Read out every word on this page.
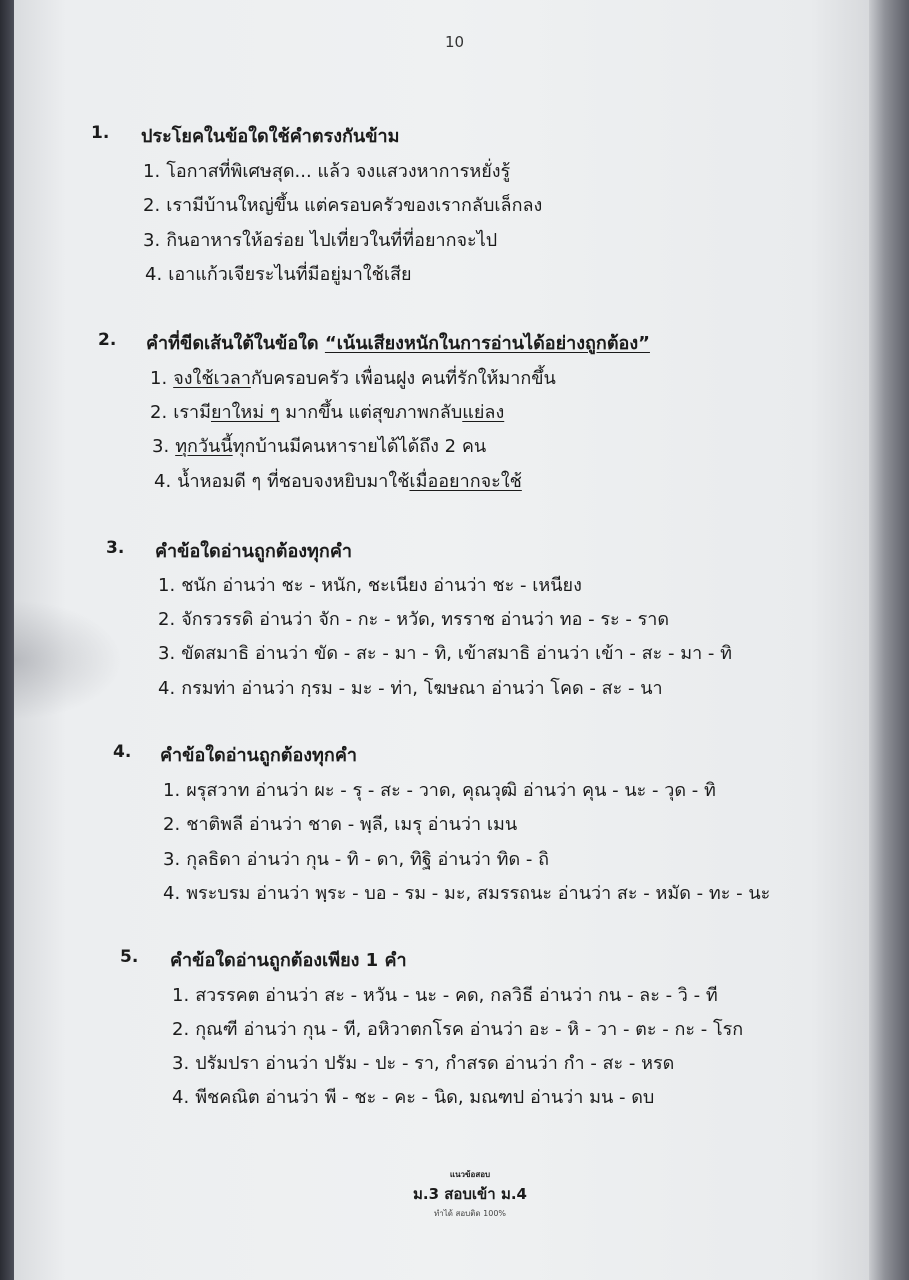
10
1. ประโยคในข้อใดใช้คำตรงกันข้าม
1. โอกาสที่พิเศษสุด... แล้ว จงแสวงหาการหยั่งรู้
2. เรามีบ้านใหญ่ขึ้น แต่ครอบครัวของเรากลับเล็กลง
3. กินอาหารให้อร่อย ไปเที่ยวในที่ที่อยากจะไป
4. เอาแก้วเจียระไนที่มีอยู่มาใช้เสีย
2. คำที่ขีดเส้นใต้ในข้อใด “เน้นเสียงหนักในการอ่านได้อย่างถูกต้อง”
1. จงใช้เวลากับครอบครัว เพื่อนฝูง คนที่รักให้มากขึ้น
2. เรามียาใหม่ ๆ มากขึ้น แต่สุขภาพกลับแย่ลง
3. ทุกวันนี้ทุกบ้านมีคนหารายได้ได้ถึง 2 คน
4. น้ำหอมดี ๆ ที่ชอบจงหยิบมาใช้เมื่ออยากจะใช้
3. คำข้อใดอ่านถูกต้องทุกคำ
1. ชนัก อ่านว่า ชะ - หนัก, ชะเนียง อ่านว่า ชะ - เหนียง
2. จักรวรรดิ อ่านว่า จัก - กะ - หวัด, ทรราช อ่านว่า ทอ - ระ - ราด
3. ขัดสมาธิ อ่านว่า ขัด - สะ - มา - ทิ, เข้าสมาธิ อ่านว่า เข้า - สะ - มา - ทิ
4. กรมท่า อ่านว่า กฺรม - มะ - ท่า, โฆษณา อ่านว่า โคด - สะ - นา
4. คำข้อใดอ่านถูกต้องทุกคำ
1. ผรุสวาท อ่านว่า ผะ - รุ - สะ - วาด, คุณวุฒิ อ่านว่า คุน - นะ - วุด - ทิ
2. ชาติพลี อ่านว่า ชาด - พฺลี, เมรุ อ่านว่า เมน
3. กุลธิดา อ่านว่า กุน - ทิ - ดา, ทิฐิ อ่านว่า ทิด - ถิ
4. พระบรม อ่านว่า พฺระ - บอ - รม - มะ, สมรรถนะ อ่านว่า สะ - หมัด - ทะ - นะ
5. คำข้อใดอ่านถูกต้องเพียง 1 คำ
1. สวรรคต อ่านว่า สะ - หวัน - นะ - คด, กลวิธี อ่านว่า กน - ละ - วิ - ที
2. กุณฑี อ่านว่า กุน - ที, อหิวาตกโรค อ่านว่า อะ - หิ - วา - ตะ - กะ - โรก
3. ปรัมปรา อ่านว่า ปรัม - ปะ - รา, กำสรด อ่านว่า กำ - สะ - หรด
4. พีชคณิต อ่านว่า พี - ชะ - คะ - นิด, มณฑป อ่านว่า มน - ดบ
แนวข้อสอบ
ม.3 สอบเข้า ม.4
ทำได้ สอบติด 100%
